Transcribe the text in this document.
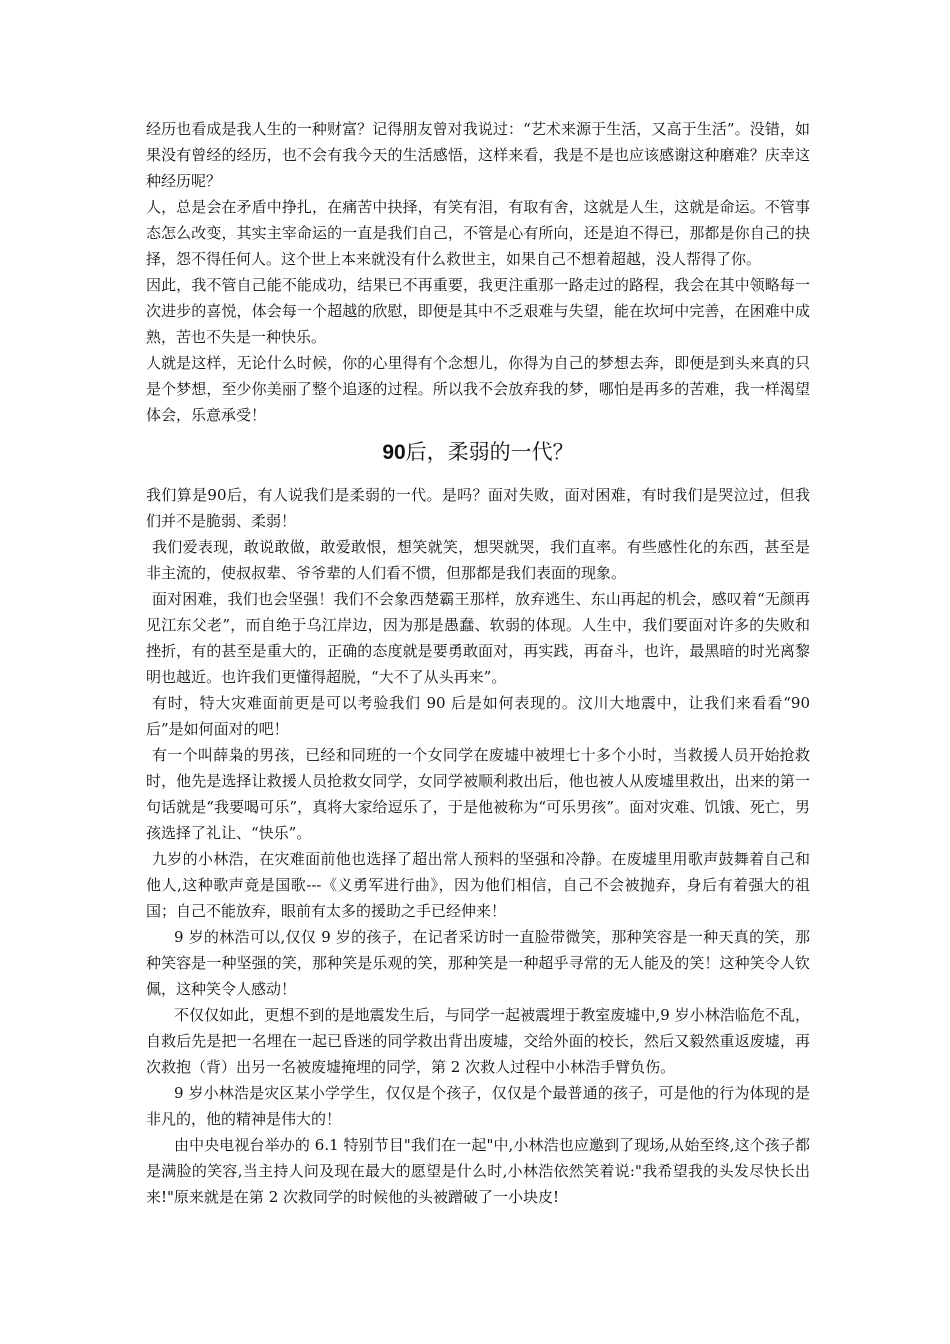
经历也看成是我人生的一种财富？记得朋友曾对我说过：“艺术来源于生活，又高于生活”。没错，如果没有曾经的经历，也不会有我今天的生活感悟，这样来看，我是不是也应该感谢这种磨难？庆幸这种经历呢？

人，总是会在矛盾中挣扎，在痛苦中抉择，有笑有泪，有取有舍，这就是人生，这就是命运。不管事态怎么改变，其实主宰命运的一直是我们自己，不管是心有所向，还是迫不得已，那都是你自己的抉择，怨不得任何人。这个世上本来就没有什么救世主，如果自己不想着超越，没人帮得了你。

因此，我不管自己能不能成功，结果已不再重要，我更注重那一路走过的路程，我会在其中领略每一次进步的喜悦，体会每一个超越的欣慰，即便是其中不乏艰难与失望，能在坎坷中完善，在困难中成熟，苦也不失是一种快乐。

人就是这样，无论什么时候，你的心里得有个念想儿，你得为自己的梦想去奔，即便是到头来真的只是个梦想，至少你美丽了整个追逐的过程。所以我不会放弃我的梦，哪怕是再多的苦难，我一样渴望体会，乐意承受！

90后，柔弱的一代？

我们算是90后，有人说我们是柔弱的一代。是吗？面对失败，面对困难，有时我们是哭泣过，但我们并不是脆弱、柔弱！

我们爱表现，敢说敢做，敢爱敢恨，想笑就笑，想哭就哭，我们直率。有些感性化的东西，甚至是非主流的，使叔叔辈、爷爷辈的人们看不惯，但那都是我们表面的现象。

面对困难，我们也会坚强！我们不会象西楚霸王那样，放弃逃生、东山再起的机会，感叹着“无颜再见江东父老”，而自绝于乌江岸边，因为那是愚蠢、软弱的体现。人生中，我们要面对许多的失败和挫折，有的甚至是重大的，正确的态度就是要勇敢面对，再实践，再奋斗，也许，最黑暗的时光离黎明也越近。也许我们更懂得超脱，“大不了从头再来”。

有时，特大灾难面前更是可以考验我们 90 后是如何表现的。汶川大地震中，让我们来看看“90 后”是如何面对的吧！

有一个叫薛枭的男孩，已经和同班的一个女同学在废墟中被埋七十多个小时，当救援人员开始抢救时，他先是选择让救援人员抢救女同学，女同学被顺利救出后，他也被人从废墟里救出，出来的第一句话就是“我要喝可乐”，真将大家给逗乐了，于是他被称为“可乐男孩”。面对灾难、饥饿、死亡，男孩选择了礼让、“快乐”。

九岁的小林浩，在灾难面前他也选择了超出常人预料的坚强和冷静。在废墟里用歌声鼓舞着自己和他人,这种歌声竟是国歌---《义勇军进行曲》，因为他们相信，自己不会被抛弃，身后有着强大的祖国；自己不能放弃，眼前有太多的援助之手已经伸来！

9 岁的林浩可以,仅仅 9 岁的孩子，在记者采访时一直脸带微笑，那种笑容是一种天真的笑，那种笑容是一种坚强的笑，那种笑是乐观的笑，那种笑是一种超乎寻常的无人能及的笑！这种笑令人钦佩，这种笑令人感动！

不仅仅如此，更想不到的是地震发生后，与同学一起被震埋于教室废墟中,9 岁小林浩临危不乱，自救后先是把一名埋在一起已昏迷的同学救出背出废墟，交给外面的校长，然后又毅然重返废墟，再次救抱（背）出另一名被废墟掩埋的同学，第 2 次救人过程中小林浩手臂负伤。

9 岁小林浩是灾区某小学学生，仅仅是个孩子，仅仅是个最普通的孩子，可是他的行为体现的是非凡的，他的精神是伟大的！

由中央电视台举办的 6.1 特别节目"我们在一起"中,小林浩也应邀到了现场,从始至终,这个孩子都是满脸的笑容,当主持人问及现在最大的愿望是什么时,小林浩依然笑着说:"我希望我的头发尽快长出来!"原来就是在第 2 次救同学的时候他的头被蹭破了一小块皮!
